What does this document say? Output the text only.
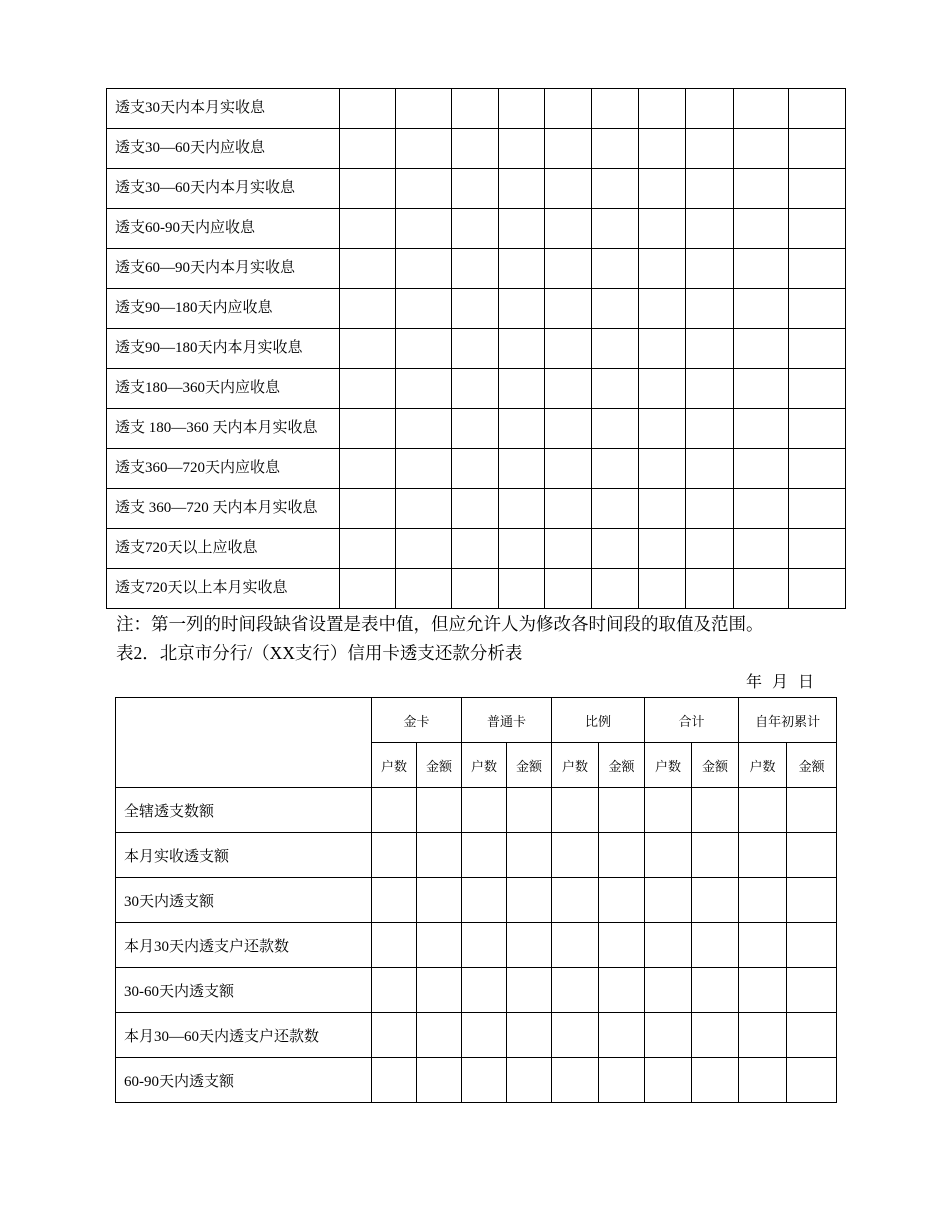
透支30天内本月实收息										
透支30—60天内应收息										
透支30—60天内本月实收息										
透支60-90天内应收息										
透支60—90天内本月实收息										
透支90—180天内应收息										
透支90—180天内本月实收息										
透支180—360天内应收息										
透支 180—360 天内本月实收息										
透支360—720天内应收息										
透支 360—720 天内本月实收息										
透支720天以上应收息										
透支720天以上本月实收息										
注：第一列的时间段缺省设置是表中值，但应允许人为修改各时间段的取值及范围。
表2．北京市分行/（XX支行）信用卡透支还款分析表
年 月 日
	金卡		普通卡		比例		合计		自年初累计	
	户数	金额	户数	金额	户数	金额	户数	金额	户数	金额
全辖透支数额										
本月实收透支额										
30天内透支额										
本月30天内透支户还款数										
30-60天内透支额										
本月30—60天内透支户还款数										
60-90天内透支额										
